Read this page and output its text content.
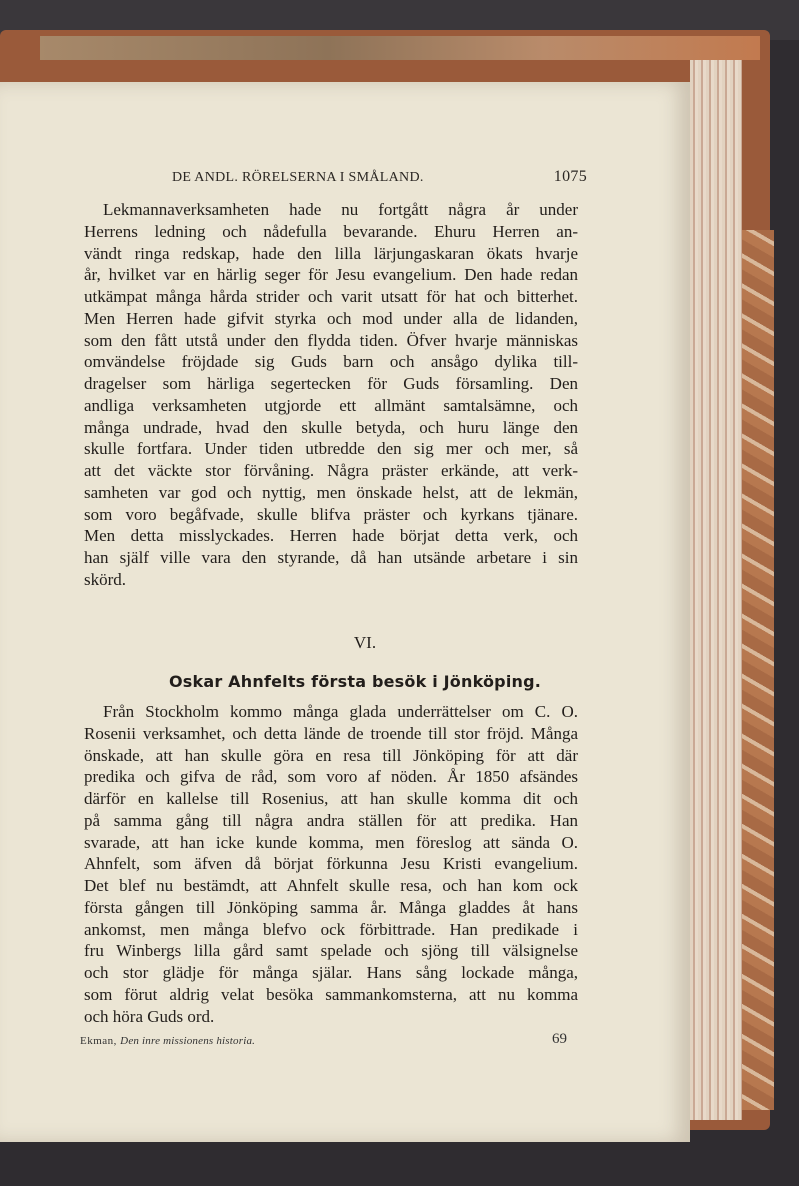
DE ANDL. RÖRELSERNA I SMÅLAND.	1075
Lekmannaverksamheten hade nu fortgått några år under
Herrens ledning och nådefulla bevarande. Ehuru Herren an-
vändt ringa redskap, hade den lilla lärjungaskaran ökats hvarje
år, hvilket var en härlig seger för Jesu evangelium. Den hade redan
utkämpat många hårda strider och varit utsatt för hat och bitterhet.
Men Herren hade gifvit styrka och mod under alla de lidanden,
som den fått utstå under den flydda tiden. Öfver hvarje människas
omvändelse fröjdade sig Guds barn och ansågo dylika till-
dragelser som härliga segertecken för Guds församling. Den
andliga verksamheten utgjorde ett allmänt samtalsämne, och
många undrade, hvad den skulle betyda, och huru länge den
skulle fortfara. Under tiden utbredde den sig mer och mer, så
att det väckte stor förvåning. Några präster erkände, att verk-
samheten var god och nyttig, men önskade helst, att de lekmän,
som voro begåfvade, skulle blifva präster och kyrkans tjänare.
Men detta misslyckades. Herren hade börjat detta verk, och
han själf ville vara den styrande, då han utsände arbetare i sin
skörd.
VI.
Oskar Ahnfelts första besök i Jönköping.
Från Stockholm kommo många glada underrättelser om C. O.
Rosenii verksamhet, och detta lände de troende till stor fröjd. Många
önskade, att han skulle göra en resa till Jönköping för att där
predika och gifva de råd, som voro af nöden. År 1850 afsändes
därför en kallelse till Rosenius, att han skulle komma dit och
på samma gång till några andra ställen för att predika. Han
svarade, att han icke kunde komma, men föreslog att sända O.
Ahnfelt, som äfven då börjat förkunna Jesu Kristi evangelium.
Det blef nu bestämdt, att Ahnfelt skulle resa, och han kom ock
första gången till Jönköping samma år. Många gladdes åt hans
ankomst, men många blefvo ock förbittrade. Han predikade i
fru Winbergs lilla gård samt spelade och sjöng till välsignelse
och stor glädje för många själar. Hans sång lockade många,
som förut aldrig velat besöka sammankomsterna, att nu komma
och höra Guds ord.
Ekman, Den inre missionens historia.	69
